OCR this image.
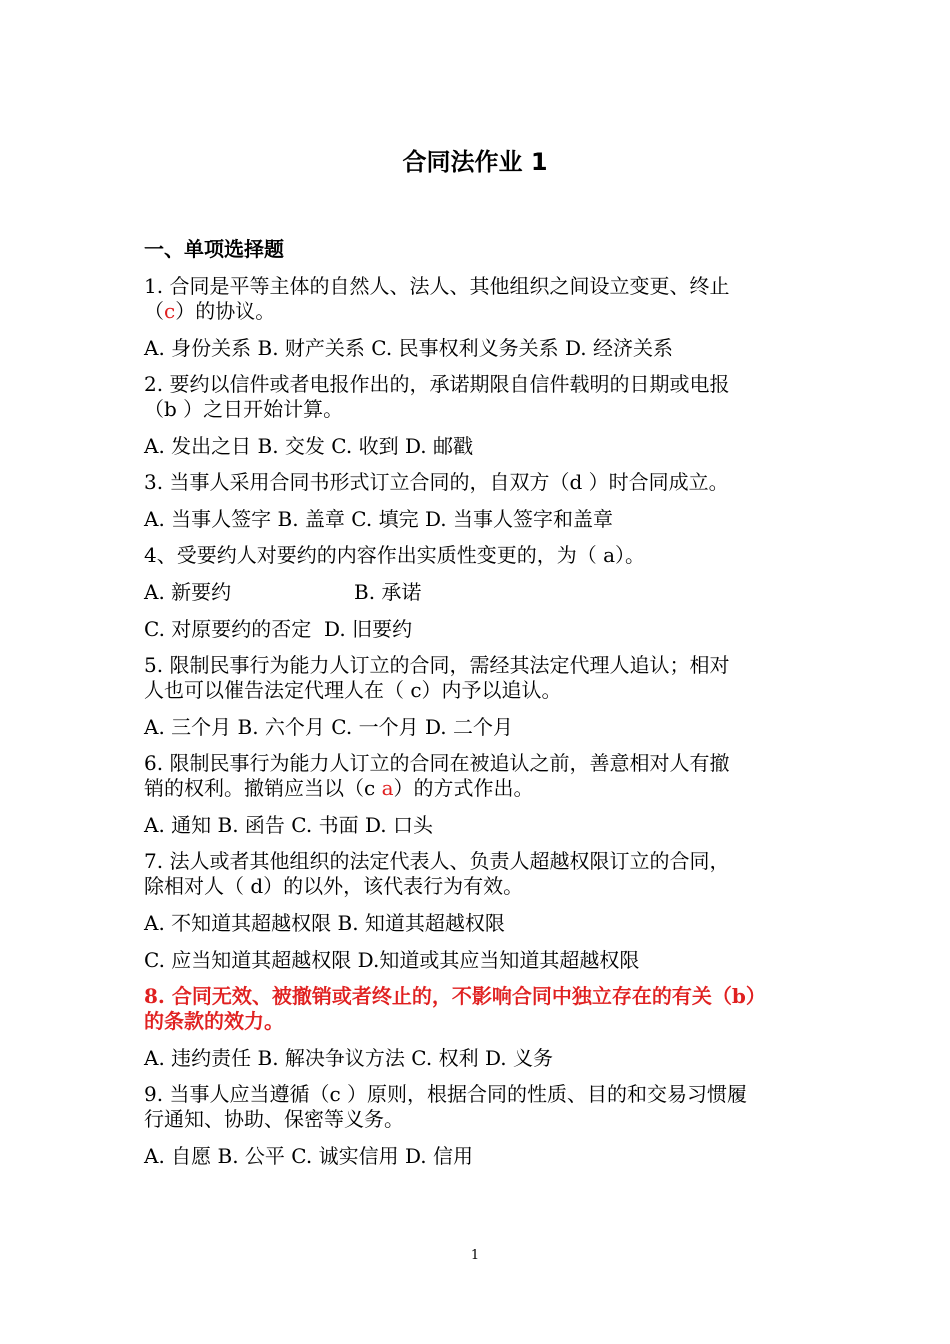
合同法作业 1
一、单项选择题
1. 合同是平等主体的自然人、法人、其他组织之间设立变更、终止
（c）的协议。
A. 身份关系 B. 财产关系 C. 民事权利义务关系 D. 经济关系
2. 要约以信件或者电报作出的，承诺期限自信件载明的日期或电报
（b ）之日开始计算。
A. 发出之日 B. 交发 C. 收到 D. 邮戳
3. 当事人采用合同书形式订立合同的，自双方（d ）时合同成立。
A. 当事人签字 B. 盖章 C. 填完 D. 当事人签字和盖章
4、受要约人对要约的内容作出实质性变更的，为（ a）。
A. 新要约	B. 承诺
C. 对原要约的否定 D. 旧要约
5. 限制民事行为能力人订立的合同，需经其法定代理人追认；相对
人也可以催告法定代理人在（ c）内予以追认。
A. 三个月 B. 六个月 C. 一个月 D. 二个月
6. 限制民事行为能力人订立的合同在被追认之前，善意相对人有撤
销的权利。撤销应当以（c a）的方式作出。
A. 通知 B. 函告 C. 书面 D. 口头
7. 法人或者其他组织的法定代表人、负责人超越权限订立的合同，
除相对人（ d）的以外，该代表行为有效。
A. 不知道其超越权限 B. 知道其超越权限
C. 应当知道其超越权限 D.知道或其应当知道其超越权限
8. 合同无效、被撤销或者终止的，不影响合同中独立存在的有关（b）
的条款的效力。
A. 违约责任 B. 解决争议方法 C. 权利 D. 义务
9. 当事人应当遵循（c ）原则，根据合同的性质、目的和交易习惯履
行通知、协助、保密等义务。
A. 自愿 B. 公平 C. 诚实信用 D. 信用
1
